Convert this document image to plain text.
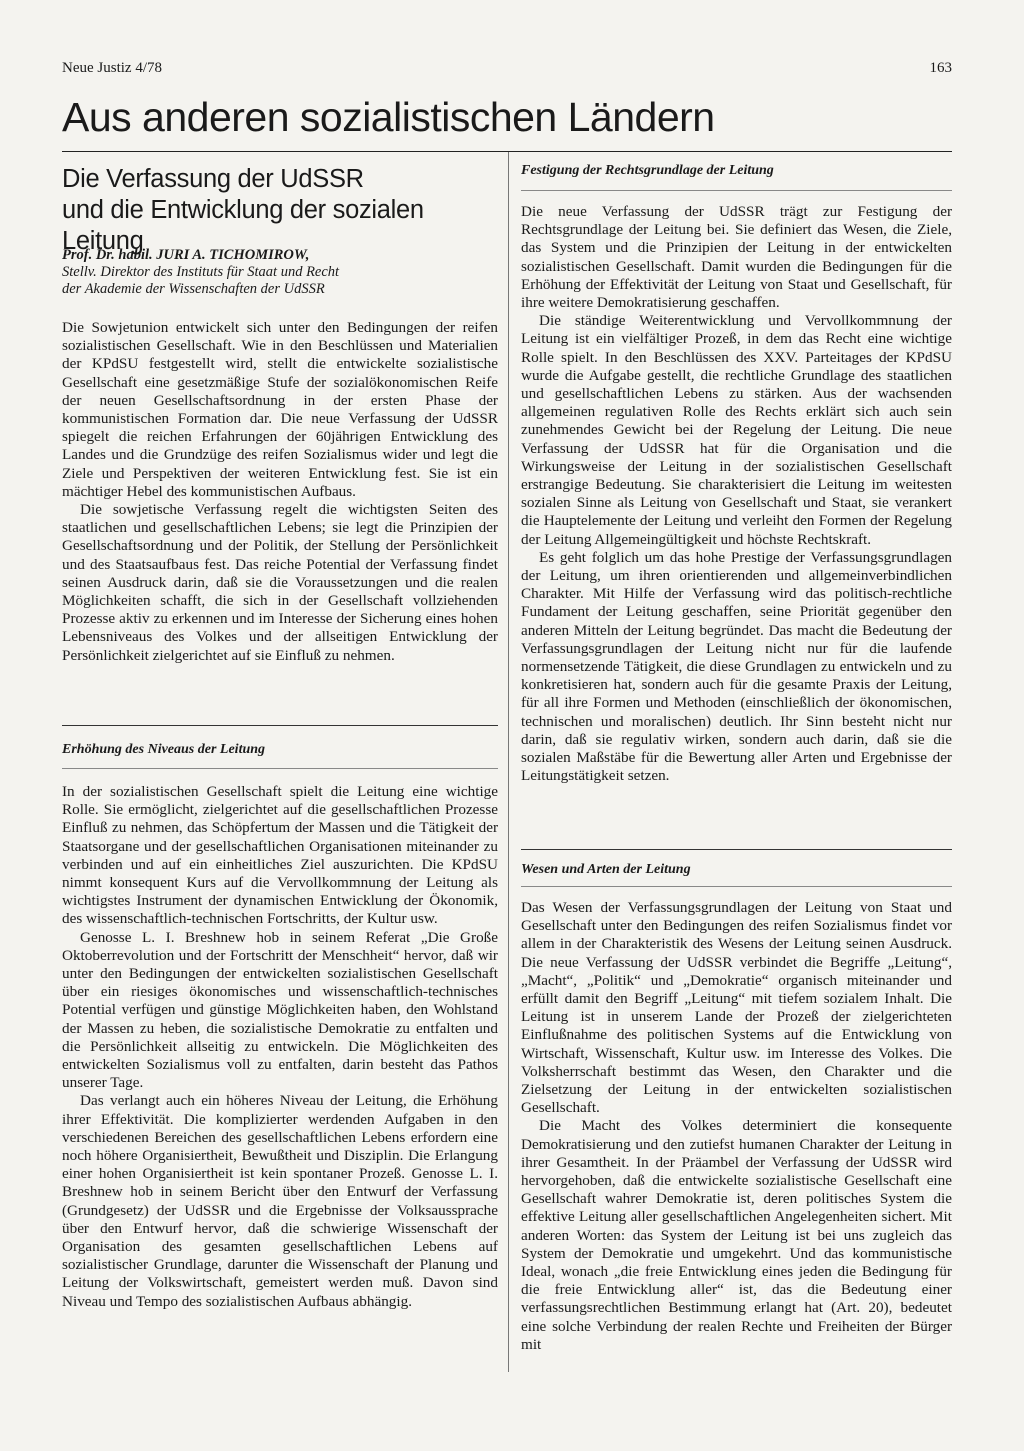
Neue Justiz 4/78	163
Aus anderen sozialistischen Ländern
Die Verfassung der UdSSR
und die Entwicklung der sozialen Leitung
Prof. Dr. habil. JURI A. TICHOMIROW,
Stellv. Direktor des Instituts für Staat und Recht
der Akademie der Wissenschaften der UdSSR

Die Sowjetunion entwickelt sich unter den Bedingungen der reifen sozialistischen Gesellschaft. Wie in den Beschlüssen und Materialien der KPdSU festgestellt wird, stellt die entwickelte sozialistische Gesellschaft eine gesetzmäßige Stufe der sozialökonomischen Reife der neuen Gesellschaftsordnung in der ersten Phase der kommunistischen Formation dar. Die neue Verfassung der UdSSR spiegelt die reichen Erfahrungen der 60jährigen Entwicklung des Landes und die Grundzüge des reifen Sozialismus wider und legt die Ziele und Perspektiven der weiteren Entwicklung fest. Sie ist ein mächtiger Hebel des kommunistischen Aufbaus.

Die sowjetische Verfassung regelt die wichtigsten Seiten des staatlichen und gesellschaftlichen Lebens; sie legt die Prinzipien der Gesellschaftsordnung und der Politik, der Stellung der Persönlichkeit und des Staatsaufbaus fest. Das reiche Potential der Verfassung findet seinen Ausdruck darin, daß sie die Voraussetzungen und die realen Möglichkeiten schafft, die sich in der Gesellschaft vollziehenden Prozesse aktiv zu erkennen und im Interesse der Sicherung eines hohen Lebensniveaus des Volkes und der allseitigen Entwicklung der Persönlichkeit zielgerichtet auf sie Einfluß zu nehmen.

Erhöhung des Niveaus der Leitung

In der sozialistischen Gesellschaft spielt die Leitung eine wichtige Rolle. Sie ermöglicht, zielgerichtet auf die gesellschaftlichen Prozesse Einfluß zu nehmen, das Schöpfertum der Massen und die Tätigkeit der Staatsorgane und der gesellschaftlichen Organisationen miteinander zu verbinden und auf ein einheitliches Ziel auszurichten. Die KPdSU nimmt konsequent Kurs auf die Vervollkommnung der Leitung als wichtigstes Instrument der dynamischen Entwicklung der Ökonomik, des wissenschaftlich-technischen Fortschritts, der Kultur usw.

Genosse L. I. Breshnew hob in seinem Referat „Die Große Oktoberrevolution und der Fortschritt der Menschheit“ hervor, daß wir unter den Bedingungen der entwickelten sozialistischen Gesellschaft über ein riesiges ökonomisches und wissenschaftlich-technisches Potential verfügen und günstige Möglichkeiten haben, den Wohlstand der Massen zu heben, die sozialistische Demokratie zu entfalten und die Persönlichkeit allseitig zu entwickeln. Die Möglichkeiten des entwickelten Sozialismus voll zu entfalten, darin besteht das Pathos unserer Tage.

Das verlangt auch ein höheres Niveau der Leitung, die Erhöhung ihrer Effektivität. Die komplizierter werdenden Aufgaben in den verschiedenen Bereichen des gesellschaftlichen Lebens erfordern eine noch höhere Organisiertheit, Bewußtheit und Disziplin. Die Erlangung einer hohen Organisiertheit ist kein spontaner Prozeß. Genosse L. I. Breshnew hob in seinem Bericht über den Entwurf der Verfassung (Grundgesetz) der UdSSR und die Ergebnisse der Volksaussprache über den Entwurf hervor, daß die schwierige Wissenschaft der Organisation des gesamten gesellschaftlichen Lebens auf sozialistischer Grundlage, darunter die Wissenschaft der Planung und Leitung der Volkswirtschaft, gemeistert werden muß. Davon sind Niveau und Tempo des sozialistischen Aufbaus abhängig.

Festigung der Rechtsgrundlage der Leitung

Die neue Verfassung der UdSSR trägt zur Festigung der Rechtsgrundlage der Leitung bei. Sie definiert das Wesen, die Ziele, das System und die Prinzipien der Leitung in der entwickelten sozialistischen Gesellschaft. Damit wurden die Bedingungen für die Erhöhung der Effektivität der Leitung von Staat und Gesellschaft, für ihre weitere Demokratisierung geschaffen.

Die ständige Weiterentwicklung und Vervollkommnung der Leitung ist ein vielfältiger Prozeß, in dem das Recht eine wichtige Rolle spielt. In den Beschlüssen des XXV. Parteitages der KPdSU wurde die Aufgabe gestellt, die rechtliche Grundlage des staatlichen und gesellschaftlichen Lebens zu stärken. Aus der wachsenden allgemeinen regulativen Rolle des Rechts erklärt sich auch sein zunehmendes Gewicht bei der Regelung der Leitung. Die neue Verfassung der UdSSR hat für die Organisation und die Wirkungsweise der Leitung in der sozialistischen Gesellschaft erstrangige Bedeutung. Sie charakterisiert die Leitung im weitesten sozialen Sinne als Leitung von Gesellschaft und Staat, sie verankert die Hauptelemente der Leitung und verleiht den Formen der Regelung der Leitung Allgemeingültigkeit und höchste Rechtskraft.

Es geht folglich um das hohe Prestige der Verfassungsgrundlagen der Leitung, um ihren orientierenden und allgemeinverbindlichen Charakter. Mit Hilfe der Verfassung wird das politisch-rechtliche Fundament der Leitung geschaffen, seine Priorität gegenüber den anderen Mitteln der Leitung begründet. Das macht die Bedeutung der Verfassungsgrundlagen der Leitung nicht nur für die laufende normensetzende Tätigkeit, die diese Grundlagen zu entwickeln und zu konkretisieren hat, sondern auch für die gesamte Praxis der Leitung, für all ihre Formen und Methoden (einschließlich der ökonomischen, technischen und moralischen) deutlich. Ihr Sinn besteht nicht nur darin, daß sie regulativ wirken, sondern auch darin, daß sie die sozialen Maßstäbe für die Bewertung aller Arten und Ergebnisse der Leitungstätigkeit setzen.

Wesen und Arten der Leitung

Das Wesen der Verfassungsgrundlagen der Leitung von Staat und Gesellschaft unter den Bedingungen des reifen Sozialismus findet vor allem in der Charakteristik des Wesens der Leitung seinen Ausdruck. Die neue Verfassung der UdSSR verbindet die Begriffe „Leitung“, „Macht“, „Politik“ und „Demokratie“ organisch miteinander und erfüllt damit den Begriff „Leitung“ mit tiefem sozialem Inhalt. Die Leitung ist in unserem Lande der Prozeß der zielgerichteten Einflußnahme des politischen Systems auf die Entwicklung von Wirtschaft, Wissenschaft, Kultur usw. im Interesse des Volkes. Die Volksherrschaft bestimmt das Wesen, den Charakter und die Zielsetzung der Leitung in der entwickelten sozialistischen Gesellschaft.

Die Macht des Volkes determiniert die konsequente Demokratisierung und den zutiefst humanen Charakter der Leitung in ihrer Gesamtheit. In der Präambel der Verfassung der UdSSR wird hervorgehoben, daß die entwickelte sozialistische Gesellschaft eine Gesellschaft wahrer Demokratie ist, deren politisches System die effektive Leitung aller gesellschaftlichen Angelegenheiten sichert. Mit anderen Worten: das System der Leitung ist bei uns zugleich das System der Demokratie und umgekehrt. Und das kommunistische Ideal, wonach „die freie Entwicklung eines jeden die Bedingung für die freie Entwicklung aller“ ist, das die Bedeutung einer verfassungsrechtlichen Bestimmung erlangt hat (Art. 20), bedeutet eine solche Verbindung der realen Rechte und Freiheiten der Bürger mit
